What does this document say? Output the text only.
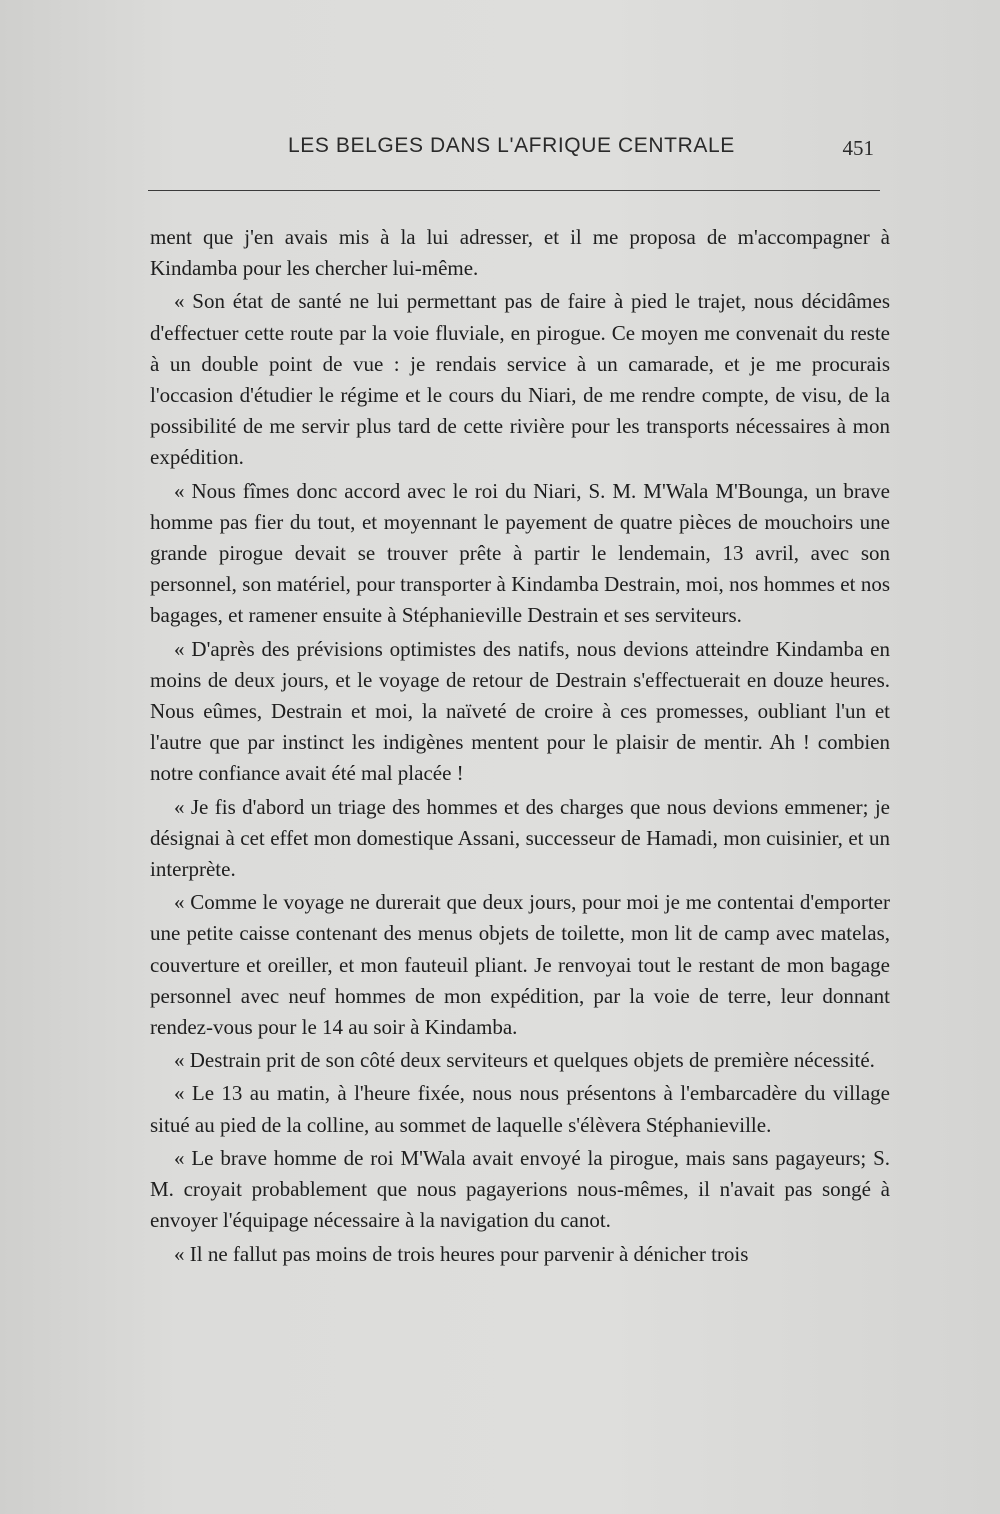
LES BELGES DANS L'AFRIQUE CENTRALE	451

ment que j'en avais mis à la lui adresser, et il me proposa de m'accompagner à Kindamba pour les chercher lui-même.

« Son état de santé ne lui permettant pas de faire à pied le trajet, nous décidâmes d'effectuer cette route par la voie fluviale, en pirogue. Ce moyen me convenait du reste à un double point de vue : je rendais service à un camarade, et je me procurais l'occasion d'étudier le régime et le cours du Niari, de me rendre compte, de visu, de la possibilité de me servir plus tard de cette rivière pour les transports nécessaires à mon expédition.

« Nous fîmes donc accord avec le roi du Niari, S. M. M'Wala M'Bounga, un brave homme pas fier du tout, et moyennant le payement de quatre pièces de mouchoirs une grande pirogue devait se trouver prête à partir le lendemain, 13 avril, avec son personnel, son matériel, pour transporter à Kindamba Destrain, moi, nos hommes et nos bagages, et ramener ensuite à Stéphanieville Destrain et ses serviteurs.

« D'après des prévisions optimistes des natifs, nous devions atteindre Kindamba en moins de deux jours, et le voyage de retour de Destrain s'effectuerait en douze heures. Nous eûmes, Destrain et moi, la naïveté de croire à ces promesses, oubliant l'un et l'autre que par instinct les indigènes mentent pour le plaisir de mentir. Ah ! combien notre confiance avait été mal placée !

« Je fis d'abord un triage des hommes et des charges que nous devions emmener; je désignai à cet effet mon domestique Assani, successeur de Hamadi, mon cuisinier, et un interprète.

« Comme le voyage ne durerait que deux jours, pour moi je me contentai d'emporter une petite caisse contenant des menus objets de toilette, mon lit de camp avec matelas, couverture et oreiller, et mon fauteuil pliant. Je renvoyai tout le restant de mon bagage personnel avec neuf hommes de mon expédition, par la voie de terre, leur donnant rendez-vous pour le 14 au soir à Kindamba.

« Destrain prit de son côté deux serviteurs et quelques objets de première nécessité.

« Le 13 au matin, à l'heure fixée, nous nous présentons à l'embarcadère du village situé au pied de la colline, au sommet de laquelle s'élèvera Stéphanieville.

« Le brave homme de roi M'Wala avait envoyé la pirogue, mais sans pagayeurs; S. M. croyait probablement que nous pagayerions nous-mêmes, il n'avait pas songé à envoyer l'équipage nécessaire à la navigation du canot.

« Il ne fallut pas moins de trois heures pour parvenir à dénicher trois
